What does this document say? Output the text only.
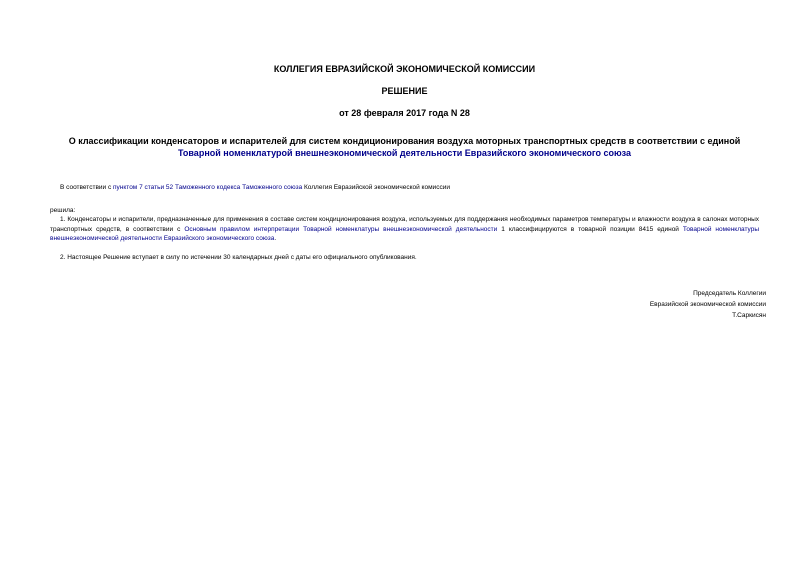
КОЛЛЕГИЯ ЕВРАЗИЙСКОЙ ЭКОНОМИЧЕСКОЙ КОМИССИИ

РЕШЕНИЕ

от 28 февраля 2017 года N 28

О классификации конденсаторов и испарителей для систем кондиционирования воздуха моторных транспортных средств в соответствии с единой Товарной номенклатурой внешнеэкономической деятельности Евразийского экономического союза

В соответствии с пунктом 7 статьи 52 Таможенного кодекса Таможенного союза Коллегия Евразийской экономической комиссии

решила:

1. Конденсаторы и испарители, предназначенные для применения в составе систем кондиционирования воздуха, используемых для поддержания необходимых параметров температуры и влажности воздуха в салонах моторных транспортных средств, в соответствии с Основным правилом интерпретации Товарной номенклатуры внешнеэкономической деятельности 1 классифицируются в товарной позиции 8415 единой Товарной номенклатуры внешнеэкономической деятельности Евразийского экономического союза.

2. Настоящее Решение вступает в силу по истечении 30 календарных дней с даты его официального опубликования.

Председатель Коллегии
Евразийской экономической комиссии
Т.Саркисян
